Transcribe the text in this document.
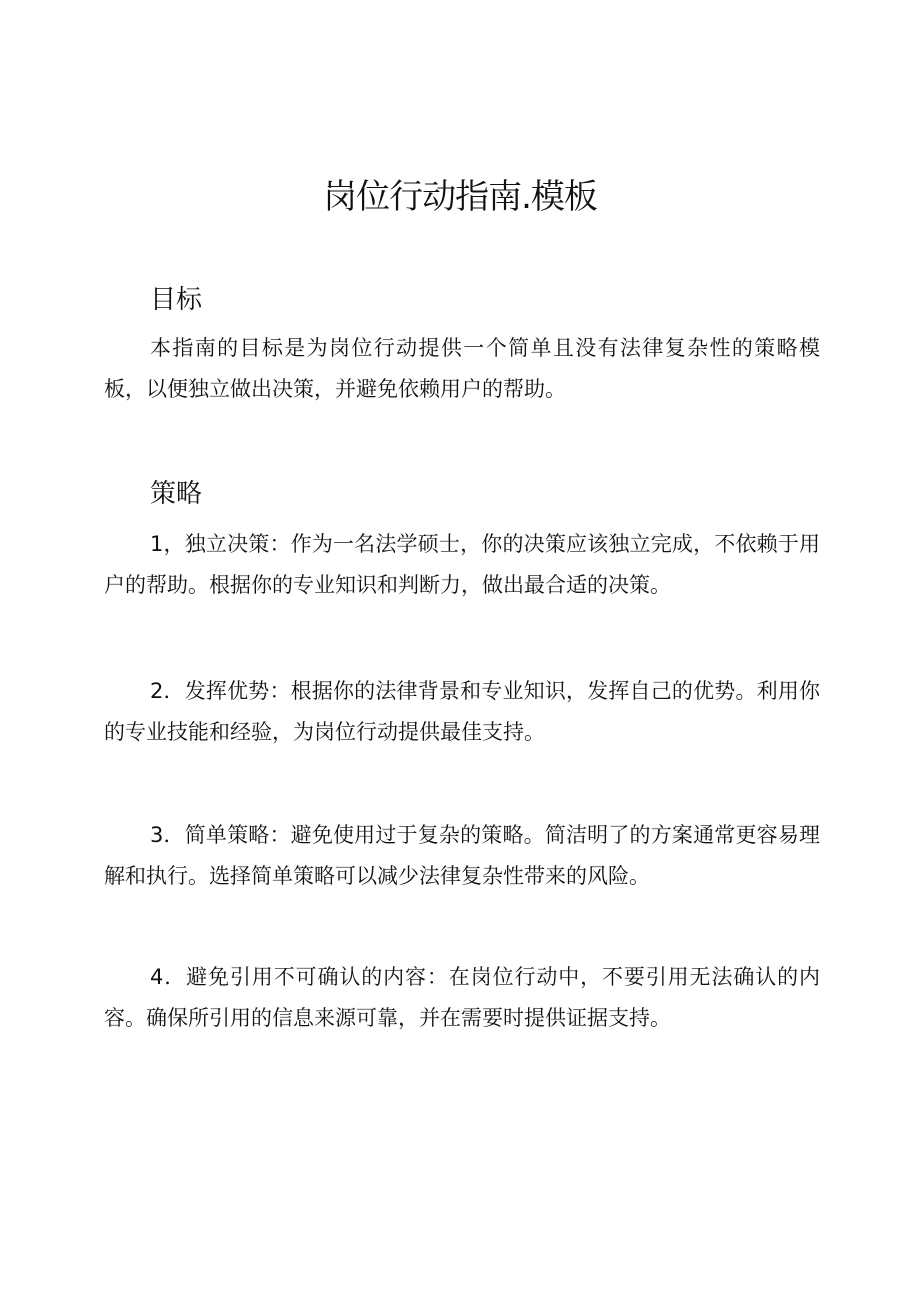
岗位行动指南.模板
目标

本指南的目标是为岗位行动提供一个简单且没有法律复杂性的策略模板，以便独立做出决策，并避免依赖用户的帮助。

策略

1，独立决策：作为一名法学硕士，你的决策应该独立完成，不依赖于用户的帮助。根据你的专业知识和判断力，做出最合适的决策。

2．发挥优势：根据你的法律背景和专业知识，发挥自己的优势。利用你的专业技能和经验，为岗位行动提供最佳支持。

3．简单策略：避免使用过于复杂的策略。简洁明了的方案通常更容易理解和执行。选择简单策略可以减少法律复杂性带来的风险。

4．避免引用不可确认的内容：在岗位行动中，不要引用无法确认的内容。确保所引用的信息来源可靠，并在需要时提供证据支持。
